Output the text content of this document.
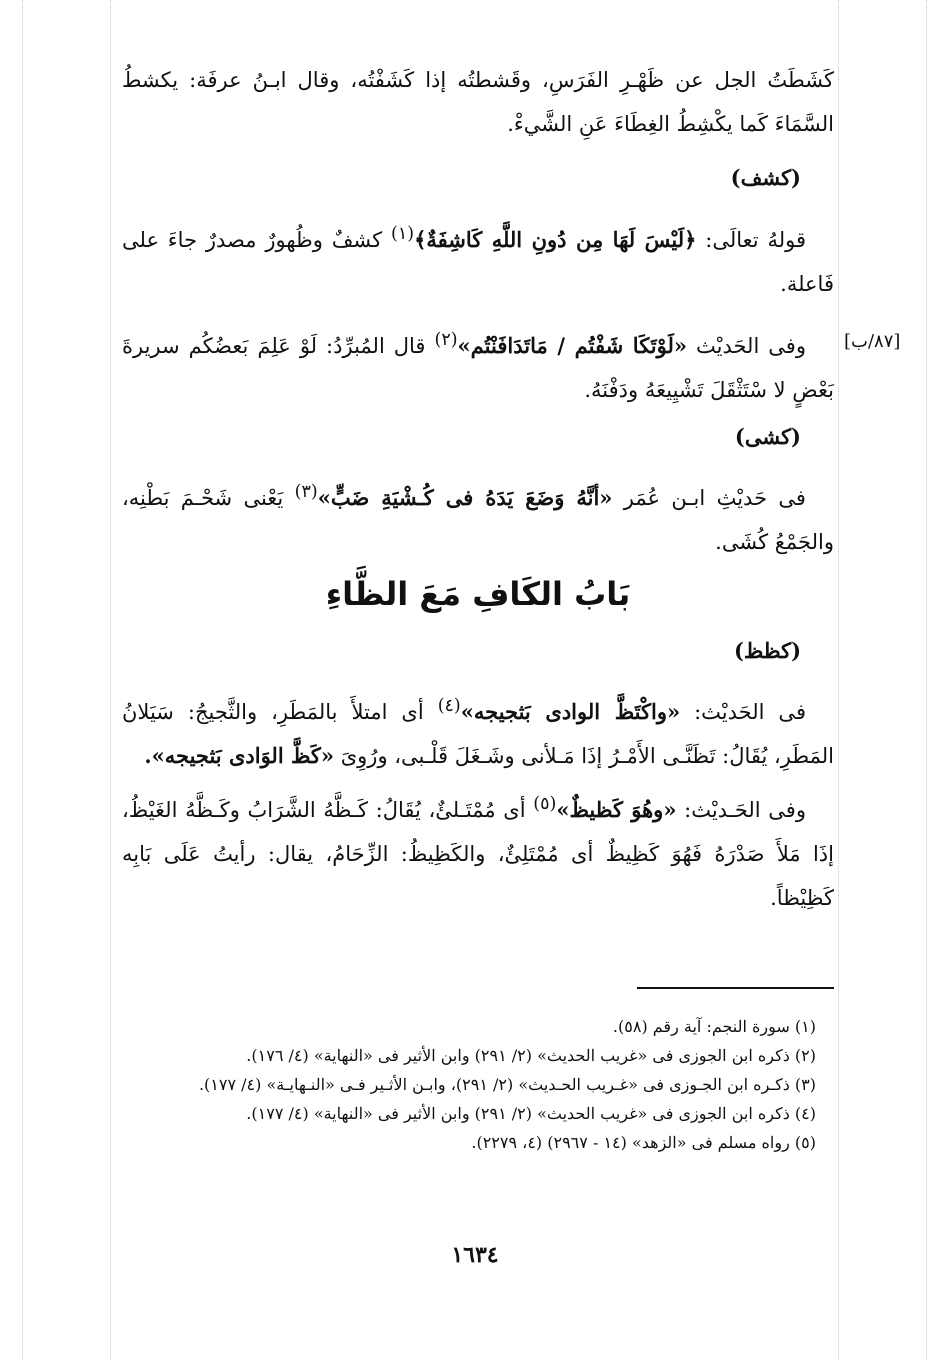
كَشَطَتُ الجل عن ظَهْـرِ الفَرَسِ، وقَشطتُه إذا كَشَفْتُه، وقال ابـنُ عرفَة: يكشطُ

السَّمَاءَ كَما يكْشِطُ الغِطَاءَ عَنِ الشَّيءْ.

(كشف)

قولهُ تعالَى: ﴿لَيْسَ لَهَا مِن دُونِ اللَّهِ كَاشِفَةٌ﴾$^{(١)}$ كشفٌ وظُهورٌ مصدرٌ جاءَ على فَاعلة.

[٨٧/ب]

وفى الحَديْث «لَوْتَكَا شَفْتُم / مَاتَدَافَنْتُم»$^{(٢)}$ قال المُبرِّدُ: لَوْ عَلِمَ بَعضُكُم سريرةَ بَعْضٍ لا سْتَثْقَلَ تَشْيِيعَهُ ودَفْنَهُ.

(كشى)

فى حَديْثِ ابـن عُمَر «أنَّهُ وَضَعَ يَدَهُ فى كُـشْيَةِ ضَبٍّ»$^{(٣)}$ يَعْنى شَحْـمَ بَطْنِه، والجَمْعُ كُشَى.

بَابُ الكَافِ مَعَ الظَّاءِ
(كظظ)

فى الحَديْث: «واكْتَظَّ الوادى بَثجيجه»$^{(٤)}$ أى امتلأَ بالمَطَرِ، والثَّجيجُ: سَيَلانُ المَطَرِ، يُقَالُ: تَظَنَّـى الأَمْـرُ إذَا مَـلأنى وشَـغَلَ قَلْـبى، ورُوِىَ «كَظَّ الوَادى بَثجيجه».

وفى الحَـديْث: «وهُوَ كَظيظٌ»$^{(٥)}$ أى مُمْتَـلئٌ، يُقَالُ: كَـظَّهُ الشَّرَابُ وكَـظَّهُ الغَيْظُ، إذَا مَلأَ صَدْرَهُ فَهُوَ كَظِيظٌ أى مُمْتَلِئٌ، والكَظِيظُ: الزِّحَامُ، يقال: رأيتُ عَلَى بَابِه كَظِيْظاً.

(١) سورة النجم: آية رقم (٥٨).

(٢) ذكره ابن الجوزى فى «غريب الحديث» (٢/ ٢٩١) وابن الأثير فى «النهاية» (٤/ ١٧٦).

(٣) ذكـره ابن الجـوزى فى «غـريب الحـديث» (٢/ ٢٩١)، وابـن الأثـير فـى «النـهايـة» (٤/ ١٧٧).

(٤) ذكره ابن الجوزى فى «غريب الحديث» (٢/ ٢٩١) وابن الأثير فى «النهاية» (٤/ ١٧٧).

(٥) رواه مسلم فى «الزهد» (١٤ - ٢٩٦٧) (٤، ٢٢٧٩).

١٦٣٤
